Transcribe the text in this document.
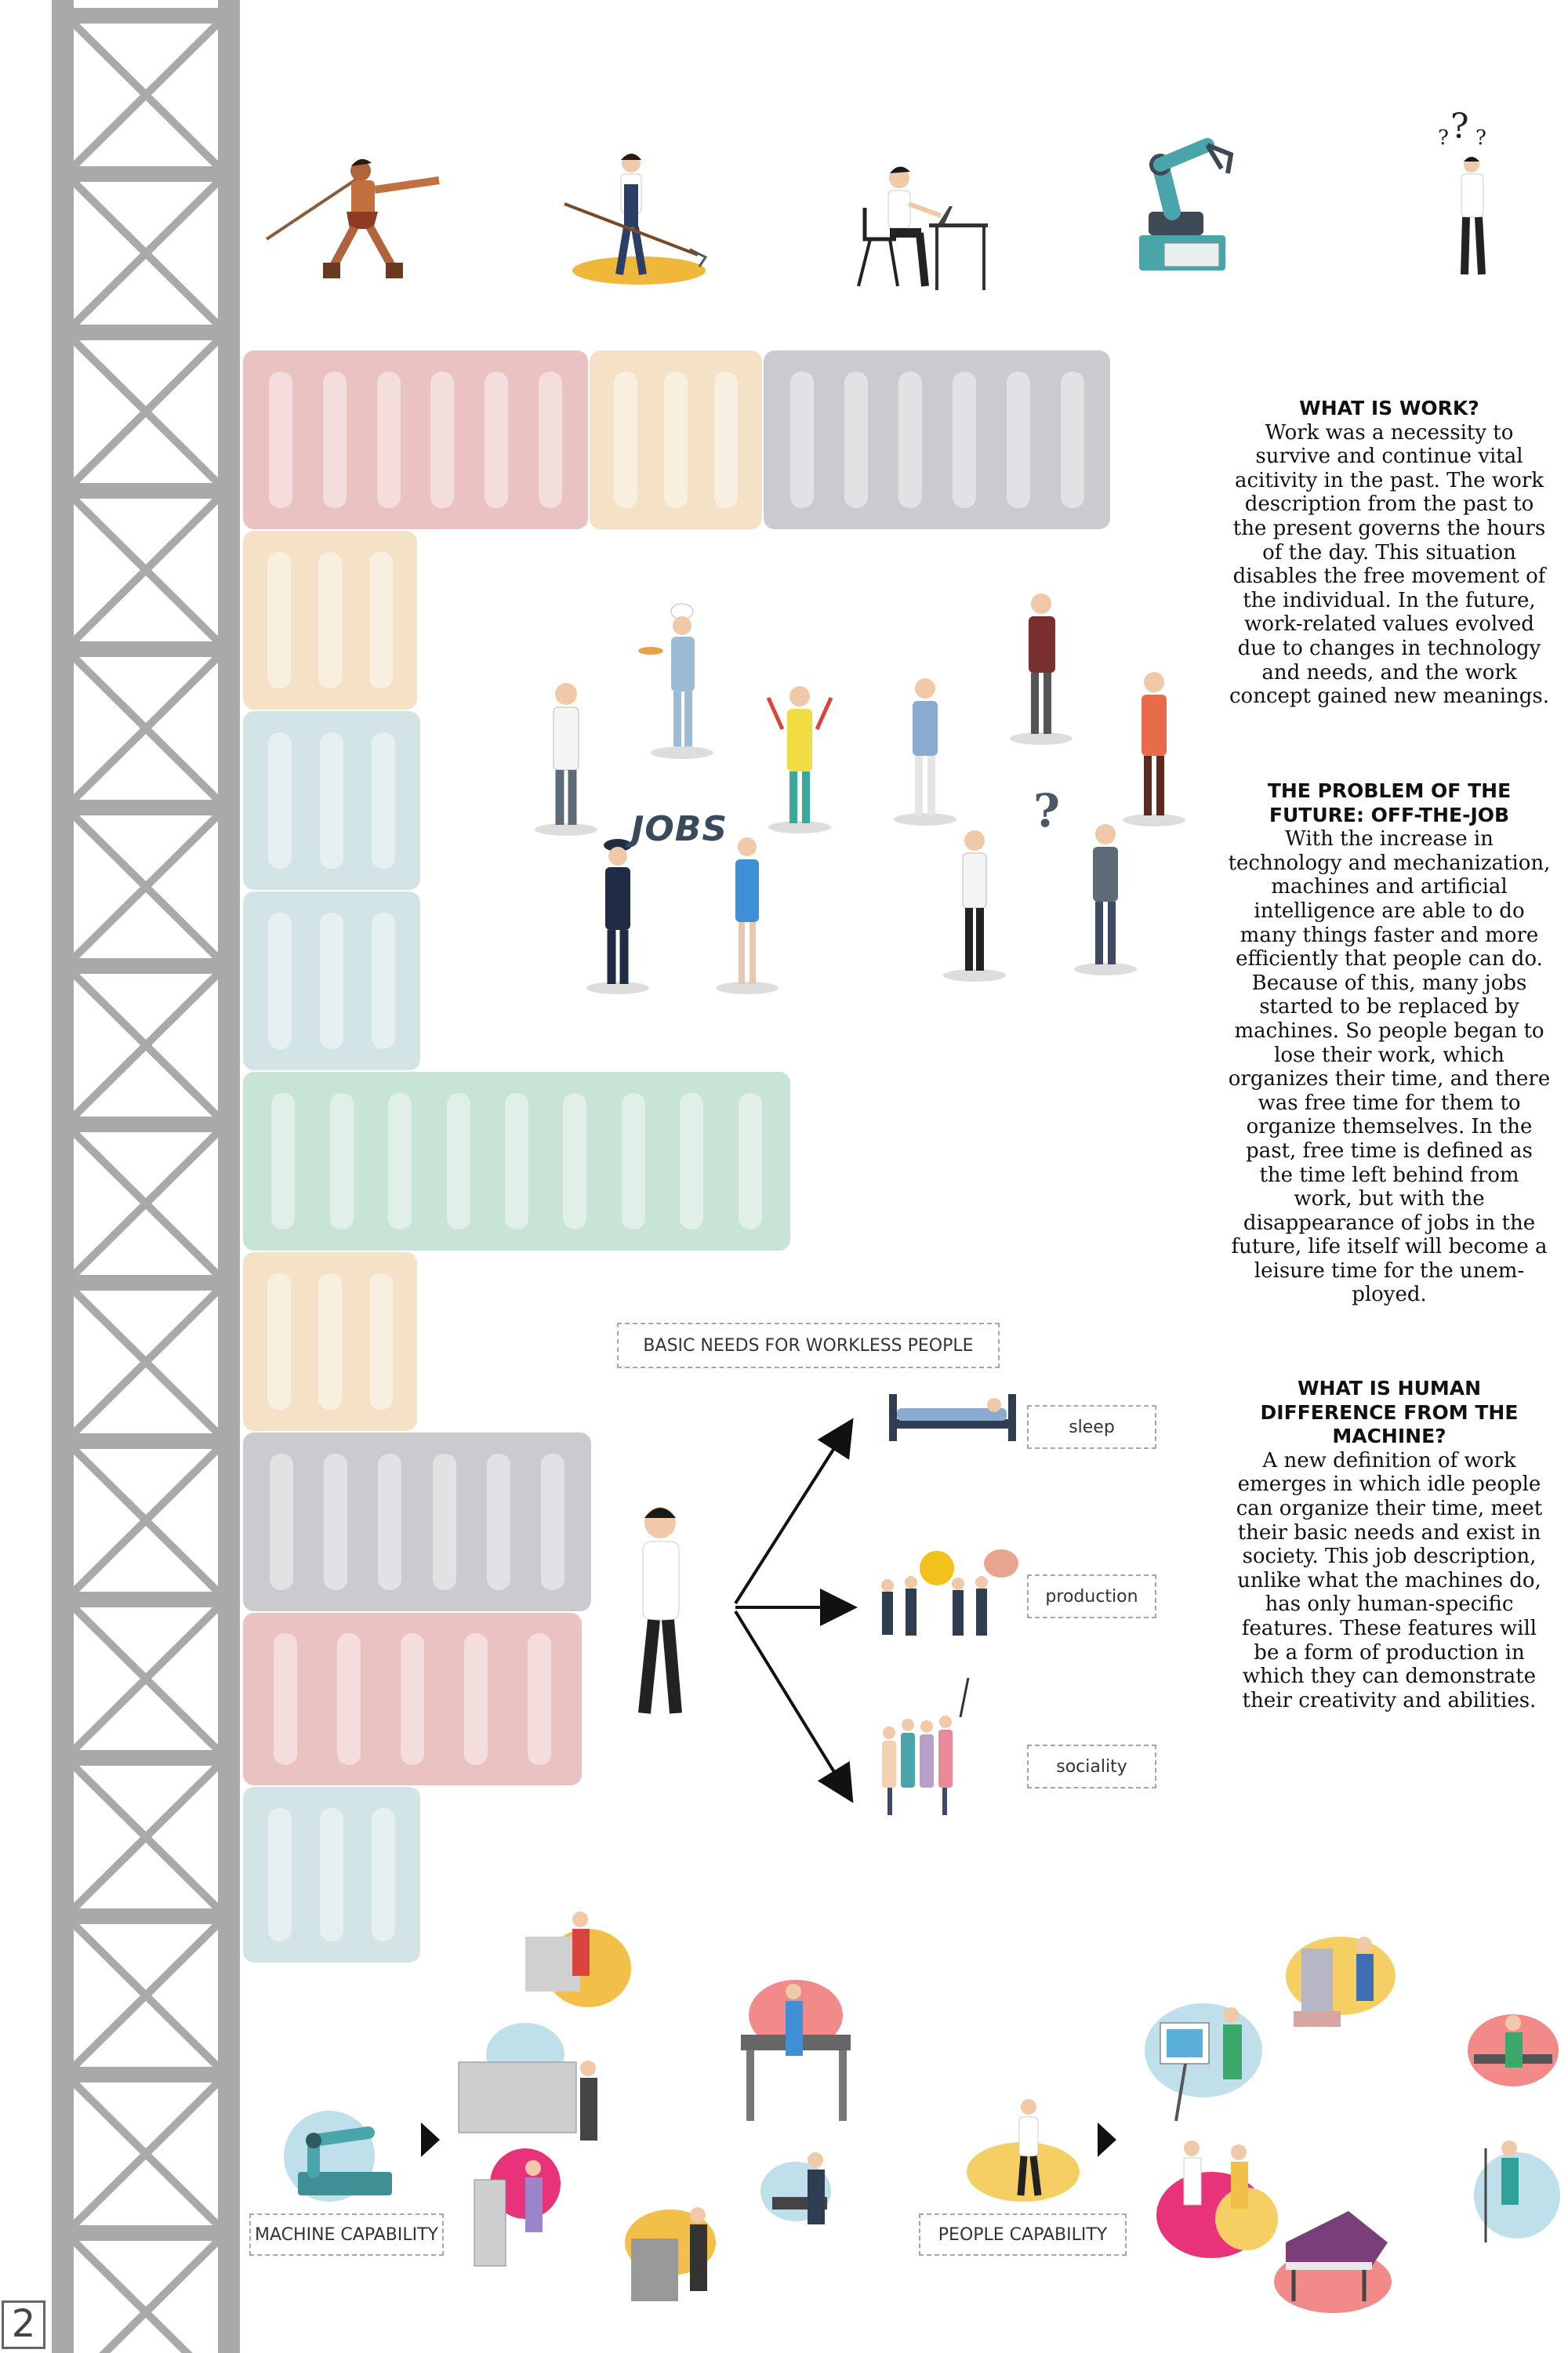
?
? ?
JOBS	?
BASIC NEEDS FOR WORKLESS PEOPLE
sleep
production
sociality
WHAT IS WORK?
Work was a necessity to survive and continue vital acitivity in the past. The work description from the past to the present governs the hours of the day. This situation disables the free movement of the individual. In the future, work-related values evolved due to changes in technology and needs, and the work concept gained new meanings.
THE PROBLEM OF THE FUTURE: OFF-THE-JOB
With the increase in technology and mechanization, machines and artificial intelligence are able to do many things faster and more efficiently that people can do. Because of this, many jobs started to be replaced by machines. So people began to lose their work, which organizes their time, and there was free time for them to organize themselves. In the past, free time is defined as the time left behind from work, but with the disappearance of jobs in the future, life itself will become a leisure time for the unem-ployed.
WHAT IS HUMAN DIFFERENCE FROM THE MACHINE?
A new definition of work emerges in which idle people can organize their time, meet their basic needs and exist in society. This job description, unlike what the machines do, has only human-specific features. These features will be a form of production in which they can demonstrate their creativity and abilities.
MACHINE CAPABILITY	PEOPLE CAPABILITY
2
